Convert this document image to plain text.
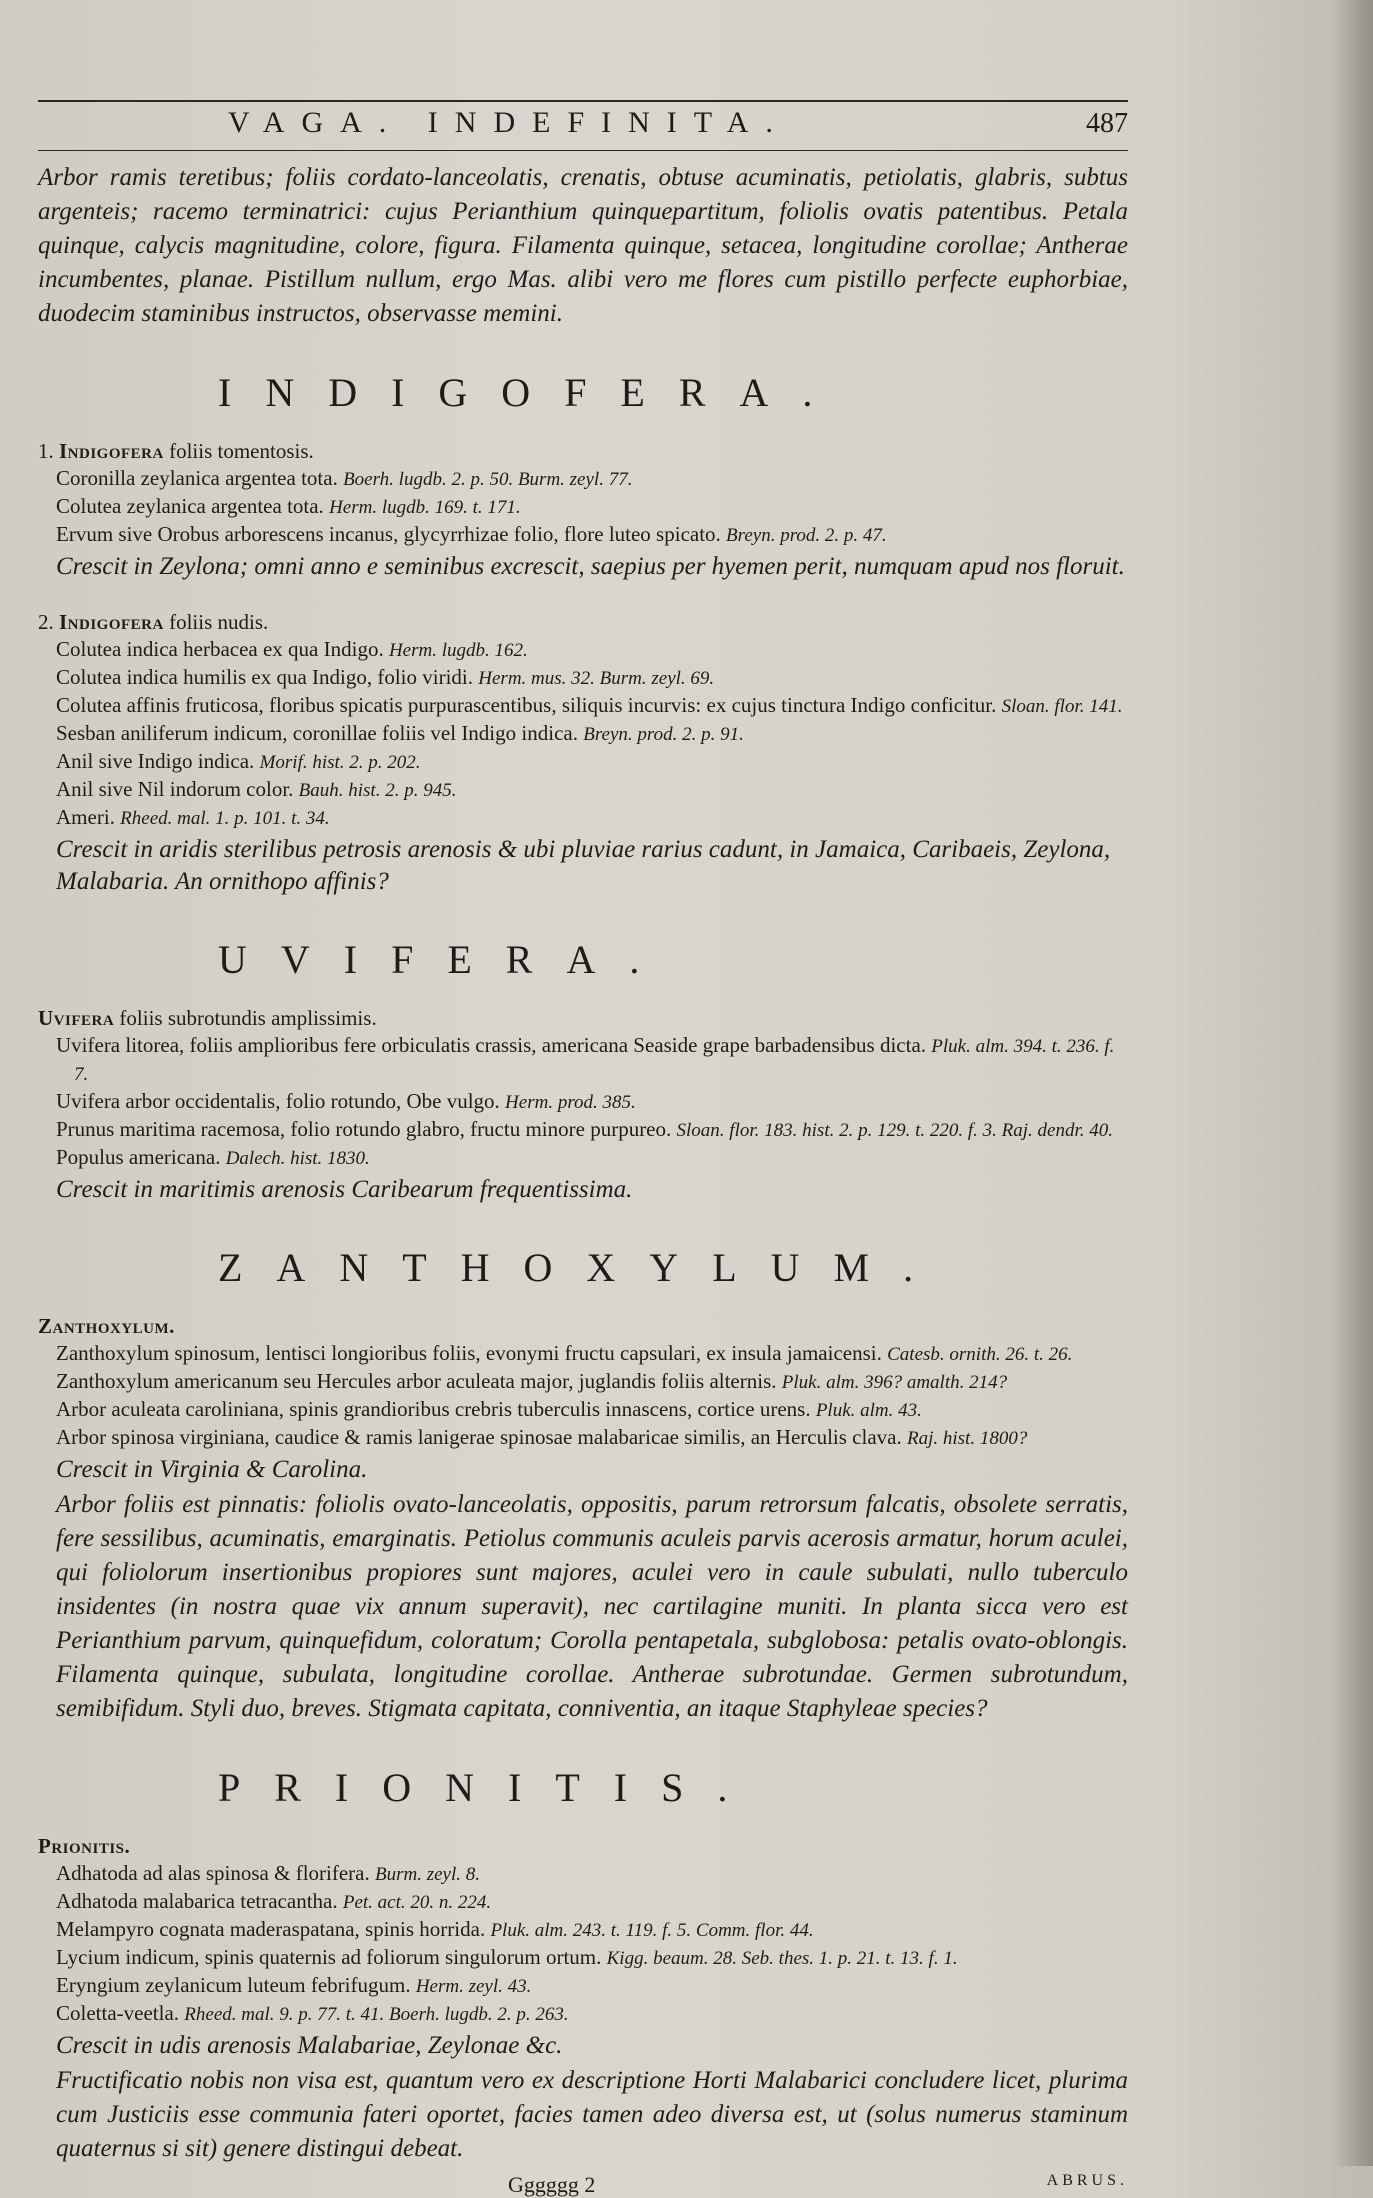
VAGA. INDEFINITA.	487

Arbor ramis teretibus; foliis cordato-lanceolatis, crenatis, obtuse acuminatis, petiolatis, glabris, subtus argenteis; racemo terminatrici: cujus Perianthium quinquepartitum, foliolis ovatis patentibus. Petala quinque, calycis magnitudine, colore, figura. Filamenta quinque, setacea, longitudine corollae; Antherae incumbentes, planae. Pistillum nullum, ergo Mas. alibi vero me flores cum pistillo perfecte euphorbiae, duodecim staminibus instructos, observasse memini.

INDIGOFERA.

1. Indigofera foliis tomentosis.

Coronilla zeylanica argentea tota. Boerh. lugdb. 2. p. 50. Burm. zeyl. 77.

Colutea zeylanica argentea tota. Herm. lugdb. 169. t. 171.

Ervum sive Orobus arborescens incanus, glycyrrhizae folio, flore luteo spicato. Breyn. prod. 2. p. 47.

Crescit in Zeylona; omni anno e seminibus excrescit, saepius per hyemen perit, numquam apud nos floruit.

2. Indigofera foliis nudis.

Colutea indica herbacea ex qua Indigo. Herm. lugdb. 162.

Colutea indica humilis ex qua Indigo, folio viridi. Herm. mus. 32. Burm. zeyl. 69.

Colutea affinis fruticosa, floribus spicatis purpurascentibus, siliquis incurvis: ex cujus tinctura Indigo conficitur. Sloan. flor. 141.

Sesban aniliferum indicum, coronillae foliis vel Indigo indica. Breyn. prod. 2. p. 91.

Anil sive Indigo indica. Morif. hist. 2. p. 202.

Anil sive Nil indorum color. Bauh. hist. 2. p. 945.

Ameri. Rheed. mal. 1. p. 101. t. 34.

Crescit in aridis sterilibus petrosis arenosis & ubi pluviae rarius cadunt, in Jamaica, Caribaeis, Zeylona, Malabaria. An ornithopo affinis?

UVIFERA.

Uvifera foliis subrotundis amplissimis.

Uvifera litorea, foliis amplioribus fere orbiculatis crassis, americana Seaside grape barbadensibus dicta. Pluk. alm. 394. t. 236. f. 7.

Uvifera arbor occidentalis, folio rotundo, Obe vulgo. Herm. prod. 385.

Prunus maritima racemosa, folio rotundo glabro, fructu minore purpureo. Sloan. flor. 183. hist. 2. p. 129. t. 220. f. 3. Raj. dendr. 40.

Populus americana. Dalech. hist. 1830.

Crescit in maritimis arenosis Caribearum frequentissima.

ZANTHOXYLUM.

Zanthoxylum.

Zanthoxylum spinosum, lentisci longioribus foliis, evonymi fructu capsulari, ex insula jamaicensi. Catesb. ornith. 26. t. 26.

Zanthoxylum americanum seu Hercules arbor aculeata major, juglandis foliis alternis. Pluk. alm. 396? amalth. 214?

Arbor aculeata caroliniana, spinis grandioribus crebris tuberculis innascens, cortice urens. Pluk. alm. 43.

Arbor spinosa virginiana, caudice & ramis lanigerae spinosae malabaricae similis, an Herculis clava. Raj. hist. 1800?

Crescit in Virginia & Carolina.

Arbor foliis est pinnatis: foliolis ovato-lanceolatis, oppositis, parum retrorsum falcatis, obsolete serratis, fere sessilibus, acuminatis, emarginatis. Petiolus communis aculeis parvis acerosis armatur, horum aculei, qui foliolorum insertionibus propiores sunt majores, aculei vero in caule subulati, nullo tuberculo insidentes (in nostra quae vix annum superavit), nec cartilagine muniti. In planta sicca vero est Perianthium parvum, quinquefidum, coloratum; Corolla pentapetala, subglobosa: petalis ovato-oblongis. Filamenta quinque, subulata, longitudine corollae. Antherae subrotundae. Germen subrotundum, semibifidum. Styli duo, breves. Stigmata capitata, conniventia, an itaque Staphyleae species?

PRIONITIS.

Prionitis.

Adhatoda ad alas spinosa & florifera. Burm. zeyl. 8.

Adhatoda malabarica tetracantha. Pet. act. 20. n. 224.

Melampyro cognata maderaspatana, spinis horrida. Pluk. alm. 243. t. 119. f. 5. Comm. flor. 44.

Lycium indicum, spinis quaternis ad foliorum singulorum ortum. Kigg. beaum. 28. Seb. thes. 1. p. 21. t. 13. f. 1.

Eryngium zeylanicum luteum febrifugum. Herm. zeyl. 43.

Coletta-veetla. Rheed. mal. 9. p. 77. t. 41. Boerh. lugdb. 2. p. 263.

Crescit in udis arenosis Malabariae, Zeylonae &c.

Fructificatio nobis non visa est, quantum vero ex descriptione Horti Malabarici concludere licet, plurima cum Justiciis esse communia fateri oportet, facies tamen adeo diversa est, ut (solus numerus staminum quaternus si sit) genere distingui debeat.

Gggggg 2	ABRUS.
